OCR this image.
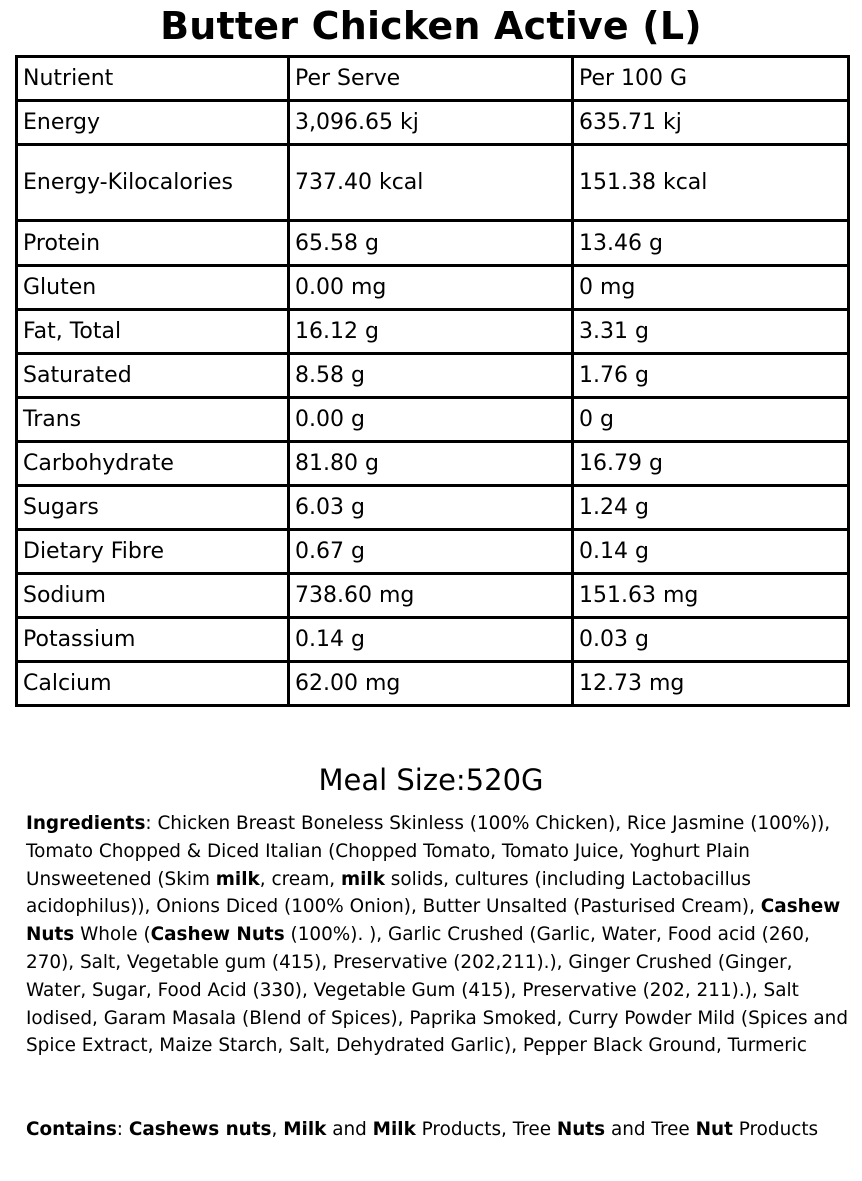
Butter Chicken Active (L)
Nutrient	Per Serve	Per 100 G
Energy	3,096.65 kj	635.71 kj
Energy-Kilocalories	737.40 kcal	151.38 kcal
Protein	65.58 g	13.46 g
Gluten	0.00 mg	0 mg
Fat, Total	16.12 g	3.31 g
Saturated	8.58 g	1.76 g
Trans	0.00 g	0 g
Carbohydrate	81.80 g	16.79 g
Sugars	6.03 g	1.24 g
Dietary Fibre	0.67 g	0.14 g
Sodium	738.60 mg	151.63 mg
Potassium	0.14 g	0.03 g
Calcium	62.00 mg	12.73 mg
Meal Size:520G

Ingredients: Chicken Breast Boneless Skinless (100% Chicken), Rice Jasmine (100%)), Tomato Chopped & Diced Italian (Chopped Tomato, Tomato Juice, Yoghurt Plain Unsweetened (Skim milk, cream, milk solids, cultures (including Lactobacillus acidophilus)), Onions Diced (100% Onion), Butter Unsalted (Pasturised Cream), Cashew Nuts Whole (Cashew Nuts (100%). ), Garlic Crushed (Garlic, Water, Food acid (260, 270), Salt, Vegetable gum (415), Preservative (202,211).), Ginger Crushed (Ginger, Water, Sugar, Food Acid (330), Vegetable Gum (415), Preservative (202, 211).), Salt Iodised, Garam Masala (Blend of Spices), Paprika Smoked, Curry Powder Mild (Spices and Spice Extract, Maize Starch, Salt, Dehydrated Garlic), Pepper Black Ground, Turmeric

Contains: Cashews nuts, Milk and Milk Products, Tree Nuts and Tree Nut Products
